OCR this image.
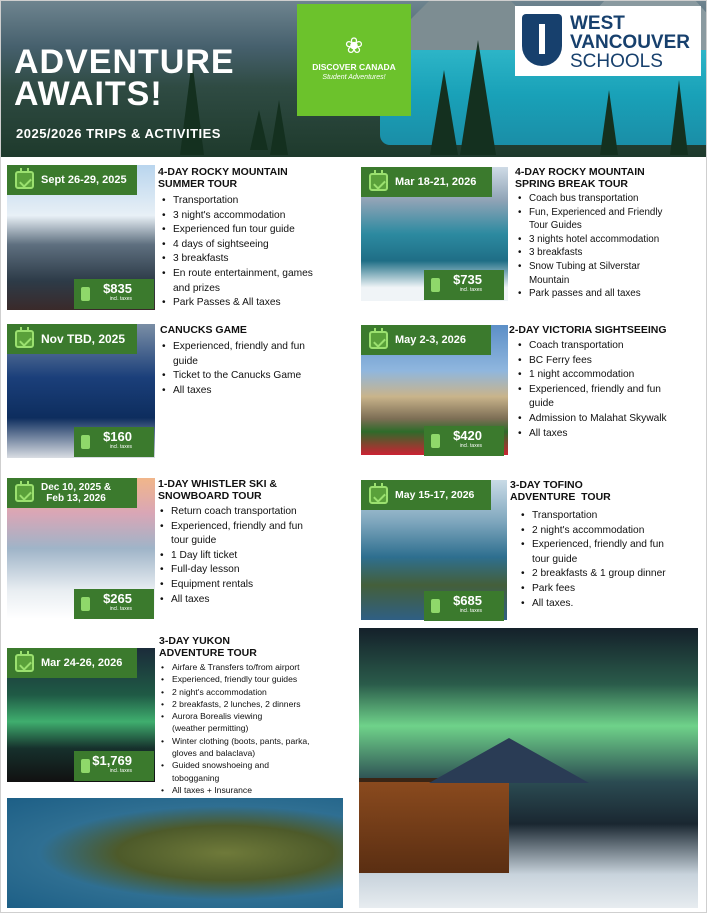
ADVENTURE
AWAITS!
2025/2026 TRIPS & ACTIVITIES
❀
DISCOVER CANADA
Student Adventures!
WEST
VANCOUVER
SCHOOLS
Sept 26-29, 2025
$835
incl. taxes
4-DAY ROCKY MOUNTAIN
SUMMER TOUR
• Transportation
• 3 night's accommodation
• Experienced fun tour guide
• 4 days of sightseeing
• 3 breakfasts
• En route entertainment, games
and prizes
• Park Passes & All taxes
Mar 18-21, 2026
$735
incl. taxes
4-DAY ROCKY MOUNTAIN
SPRING BREAK TOUR
• Coach bus transportation
• Fun, Experienced and Friendly
Tour Guides
• 3 nights hotel accommodation
• 3 breakfasts
• Snow Tubing at Silverstar
Mountain
• Park passes and all taxes
Nov TBD, 2025
$160
incl. taxes
CANUCKS GAME
• Experienced, friendly and fun
guide
• Ticket to the Canucks Game
• All taxes
May 2-3, 2026
$420
incl. taxes
2-DAY VICTORIA SIGHTSEEING
• Coach transportation
• BC Ferry fees
• 1 night accommodation
• Experienced, friendly and fun
guide
• Admission to Malahat Skywalk
• All taxes
Dec 10, 2025 &
Feb 13, 2026
$265
incl. taxes
1-DAY WHISTLER SKI &
SNOWBOARD TOUR
• Return coach transportation
• Experienced, friendly and fun
tour guide
• 1 Day lift ticket
• Full-day lesson
• Equipment rentals
• All taxes
May 15-17, 2026
$685
incl. taxes
3-DAY TOFINO
ADVENTURE  TOUR
• Transportation
• 2 night's accommodation
• Experienced, friendly and fun
tour guide
• 2 breakfasts & 1 group dinner
• Park fees
• All taxes.
Mar 24-26, 2026
$1,769
incl. taxes
3-DAY YUKON
ADVENTURE TOUR
• Airfare & Transfers to/from airport
• Experienced, friendly tour guides
• 2 night's accommodation
• 2 breakfasts, 2 lunches, 2 dinners
• Aurora Borealis viewing
(weather permitting)
• Winter clothing (boots, pants, parka,
gloves and balaclava)
• Guided snowshoeing and
tobogganing
• All taxes + Insurance
